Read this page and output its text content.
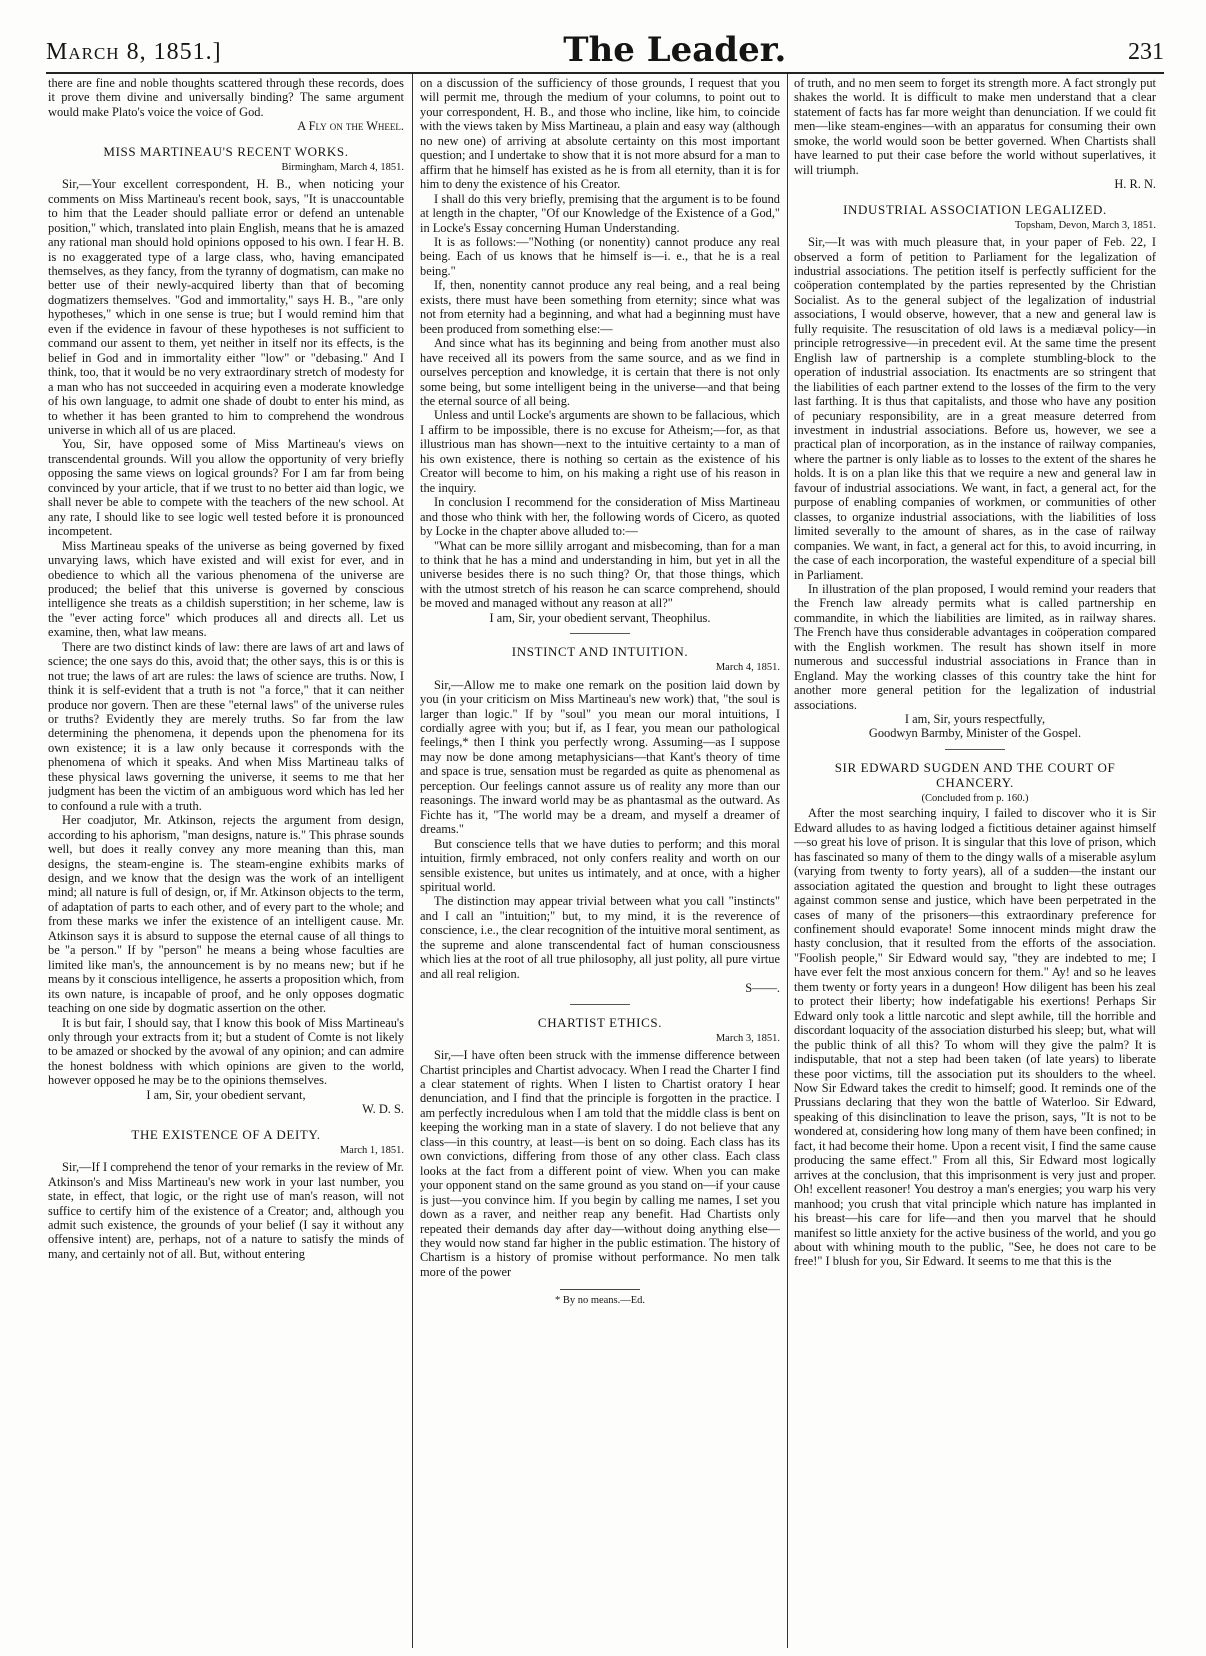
March 8, 1851.]	The Leader.	231

there are fine and noble thoughts scattered through these records, does it prove them divine and universally binding? The same argument would make Plato's voice the voice of God.

A Fly on the Wheel.

MISS MARTINEAU'S RECENT WORKS.

Birmingham, March 4, 1851.

Sir,—Your excellent correspondent, H. B., when noticing your comments on Miss Martineau's recent book, says, "It is unaccountable to him that the Leader should palliate error or defend an untenable position," which, translated into plain English, means that he is amazed any rational man should hold opinions opposed to his own. I fear H. B. is no exaggerated type of a large class, who, having emancipated themselves, as they fancy, from the tyranny of dogmatism, can make no better use of their newly-acquired liberty than that of becoming dogmatizers themselves. "God and immortality," says H. B., "are only hypotheses," which in one sense is true; but I would remind him that even if the evidence in favour of these hypotheses is not sufficient to command our assent to them, yet neither in itself nor its effects, is the belief in God and in immortality either "low" or "debasing." And I think, too, that it would be no very extraordinary stretch of modesty for a man who has not succeeded in acquiring even a moderate knowledge of his own language, to admit one shade of doubt to enter his mind, as to whether it has been granted to him to comprehend the wondrous universe in which all of us are placed.

You, Sir, have opposed some of Miss Martineau's views on transcendental grounds. Will you allow the opportunity of very briefly opposing the same views on logical grounds? For I am far from being convinced by your article, that if we trust to no better aid than logic, we shall never be able to compete with the teachers of the new school. At any rate, I should like to see logic well tested before it is pronounced incompetent.

Miss Martineau speaks of the universe as being governed by fixed unvarying laws, which have existed and will exist for ever, and in obedience to which all the various phenomena of the universe are produced; the belief that this universe is governed by conscious intelligence she treats as a childish superstition; in her scheme, law is the "ever acting force" which produces all and directs all. Let us examine, then, what law means.

There are two distinct kinds of law: there are laws of art and laws of science; the one says do this, avoid that; the other says, this is or this is not true; the laws of art are rules: the laws of science are truths. Now, I think it is self-evident that a truth is not "a force," that it can neither produce nor govern. Then are these "eternal laws" of the universe rules or truths? Evidently they are merely truths. So far from the law determining the phenomena, it depends upon the phenomena for its own existence; it is a law only because it corresponds with the phenomena of which it speaks. And when Miss Martineau talks of these physical laws governing the universe, it seems to me that her judgment has been the victim of an ambiguous word which has led her to confound a rule with a truth.

Her coadjutor, Mr. Atkinson, rejects the argument from design, according to his aphorism, "man designs, nature is." This phrase sounds well, but does it really convey any more meaning than this, man designs, the steam-engine is. The steam-engine exhibits marks of design, and we know that the design was the work of an intelligent mind; all nature is full of design, or, if Mr. Atkinson objects to the term, of adaptation of parts to each other, and of every part to the whole; and from these marks we infer the existence of an intelligent cause. Mr. Atkinson says it is absurd to suppose the eternal cause of all things to be "a person." If by "person" he means a being whose faculties are limited like man's, the announcement is by no means new; but if he means by it conscious intelligence, he asserts a proposition which, from its own nature, is incapable of proof, and he only opposes dogmatic teaching on one side by dogmatic assertion on the other.

It is but fair, I should say, that I know this book of Miss Martineau's only through your extracts from it; but a student of Comte is not likely to be amazed or shocked by the avowal of any opinion; and can admire the honest boldness with which opinions are given to the world, however opposed he may be to the opinions themselves.

I am, Sir, your obedient servant,

W. D. S.

THE EXISTENCE OF A DEITY.

March 1, 1851.

Sir,—If I comprehend the tenor of your remarks in the review of Mr. Atkinson's and Miss Martineau's new work in your last number, you state, in effect, that logic, or the right use of man's reason, will not suffice to certify him of the existence of a Creator; and, although you admit such existence, the grounds of your belief (I say it without any offensive intent) are, perhaps, not of a nature to satisfy the minds of many, and certainly not of all. But, without entering

on a discussion of the sufficiency of those grounds, I request that you will permit me, through the medium of your columns, to point out to your correspondent, H. B., and those who incline, like him, to coincide with the views taken by Miss Martineau, a plain and easy way (although no new one) of arriving at absolute certainty on this most important question; and I undertake to show that it is not more absurd for a man to affirm that he himself has existed as he is from all eternity, than it is for him to deny the existence of his Creator.

I shall do this very briefly, premising that the argument is to be found at length in the chapter, "Of our Knowledge of the Existence of a God," in Locke's Essay concerning Human Understanding.

It is as follows:—"Nothing (or nonentity) cannot produce any real being. Each of us knows that he himself is—i. e., that he is a real being."

If, then, nonentity cannot produce any real being, and a real being exists, there must have been something from eternity; since what was not from eternity had a beginning, and what had a beginning must have been produced from something else:—

And since what has its beginning and being from another must also have received all its powers from the same source, and as we find in ourselves perception and knowledge, it is certain that there is not only some being, but some intelligent being in the universe—and that being the eternal source of all being.

Unless and until Locke's arguments are shown to be fallacious, which I affirm to be impossible, there is no excuse for Atheism;—for, as that illustrious man has shown—next to the intuitive certainty to a man of his own existence, there is nothing so certain as the existence of his Creator will become to him, on his making a right use of his reason in the inquiry.

In conclusion I recommend for the consideration of Miss Martineau and those who think with her, the following words of Cicero, as quoted by Locke in the chapter above alluded to:—

"What can be more sillily arrogant and misbecoming, than for a man to think that he has a mind and understanding in him, but yet in all the universe besides there is no such thing? Or, that those things, which with the utmost stretch of his reason he can scarce comprehend, should be moved and managed without any reason at all?"

I am, Sir, your obedient servant, Theophilus.

INSTINCT AND INTUITION.

March 4, 1851.

Sir,—Allow me to make one remark on the position laid down by you (in your criticism on Miss Martineau's new work) that, "the soul is larger than logic." If by "soul" you mean our moral intuitions, I cordially agree with you; but if, as I fear, you mean our pathological feelings,* then I think you perfectly wrong. Assuming—as I suppose may now be done among metaphysicians—that Kant's theory of time and space is true, sensation must be regarded as quite as phenomenal as perception. Our feelings cannot assure us of reality any more than our reasonings. The inward world may be as phantasmal as the outward. As Fichte has it, "The world may be a dream, and myself a dreamer of dreams."

But conscience tells that we have duties to perform; and this moral intuition, firmly embraced, not only confers reality and worth on our sensible existence, but unites us intimately, and at once, with a higher spiritual world.

The distinction may appear trivial between what you call "instincts" and I call an "intuition;" but, to my mind, it is the reverence of conscience, i.e., the clear recognition of the intuitive moral sentiment, as the supreme and alone transcendental fact of human consciousness which lies at the root of all true philosophy, all just polity, all pure virtue and all real religion.

S——.

CHARTIST ETHICS.

March 3, 1851.

Sir,—I have often been struck with the immense difference between Chartist principles and Chartist advocacy. When I read the Charter I find a clear statement of rights. When I listen to Chartist oratory I hear denunciation, and I find that the principle is forgotten in the practice. I am perfectly incredulous when I am told that the middle class is bent on keeping the working man in a state of slavery. I do not believe that any class—in this country, at least—is bent on so doing. Each class has its own convictions, differing from those of any other class. Each class looks at the fact from a different point of view. When you can make your opponent stand on the same ground as you stand on—if your cause is just—you convince him. If you begin by calling me names, I set you down as a raver, and neither reap any benefit. Had Chartists only repeated their demands day after day—without doing anything else—they would now stand far higher in the public estimation. The history of Chartism is a history of promise without performance. No men talk more of the power

* By no means.—Ed.

of truth, and no men seem to forget its strength more. A fact strongly put shakes the world. It is difficult to make men understand that a clear statement of facts has far more weight than denunciation. If we could fit men—like steam-engines—with an apparatus for consuming their own smoke, the world would soon be better governed. When Chartists shall have learned to put their case before the world without superlatives, it will triumph.

H. R. N.

INDUSTRIAL ASSOCIATION LEGALIZED.

Topsham, Devon, March 3, 1851.

Sir,—It was with much pleasure that, in your paper of Feb. 22, I observed a form of petition to Parliament for the legalization of industrial associations. The petition itself is perfectly sufficient for the coöperation contemplated by the parties represented by the Christian Socialist. As to the general subject of the legalization of industrial associations, I would observe, however, that a new and general law is fully requisite. The resuscitation of old laws is a mediæval policy—in principle retrogressive—in precedent evil. At the same time the present English law of partnership is a complete stumbling-block to the operation of industrial association. Its enactments are so stringent that the liabilities of each partner extend to the losses of the firm to the very last farthing. It is thus that capitalists, and those who have any position of pecuniary responsibility, are in a great measure deterred from investment in industrial associations. Before us, however, we see a practical plan of incorporation, as in the instance of railway companies, where the partner is only liable as to losses to the extent of the shares he holds. It is on a plan like this that we require a new and general law in favour of industrial associations. We want, in fact, a general act, for the purpose of enabling companies of workmen, or communities of other classes, to organize industrial associations, with the liabilities of loss limited severally to the amount of shares, as in the case of railway companies. We want, in fact, a general act for this, to avoid incurring, in the case of each incorporation, the wasteful expenditure of a special bill in Parliament.

In illustration of the plan proposed, I would remind your readers that the French law already permits what is called partnership en commandite, in which the liabilities are limited, as in railway shares. The French have thus considerable advantages in coöperation compared with the English workmen. The result has shown itself in more numerous and successful industrial associations in France than in England. May the working classes of this country take the hint for another more general petition for the legalization of industrial associations.

I am, Sir, yours respectfully,

Goodwyn Barmby, Minister of the Gospel.

SIR EDWARD SUGDEN AND THE COURT OF CHANCERY.

(Concluded from p. 160.)

After the most searching inquiry, I failed to discover who it is Sir Edward alludes to as having lodged a fictitious detainer against himself—so great his love of prison. It is singular that this love of prison, which has fascinated so many of them to the dingy walls of a miserable asylum (varying from twenty to forty years), all of a sudden—the instant our association agitated the question and brought to light these outrages against common sense and justice, which have been perpetrated in the cases of many of the prisoners—this extraordinary preference for confinement should evaporate! Some innocent minds might draw the hasty conclusion, that it resulted from the efforts of the association. "Foolish people," Sir Edward would say, "they are indebted to me; I have ever felt the most anxious concern for them." Ay! and so he leaves them twenty or forty years in a dungeon! How diligent has been his zeal to protect their liberty; how indefatigable his exertions! Perhaps Sir Edward only took a little narcotic and slept awhile, till the horrible and discordant loquacity of the association disturbed his sleep; but, what will the public think of all this? To whom will they give the palm? It is indisputable, that not a step had been taken (of late years) to liberate these poor victims, till the association put its shoulders to the wheel. Now Sir Edward takes the credit to himself; good. It reminds one of the Prussians declaring that they won the battle of Waterloo. Sir Edward, speaking of this disinclination to leave the prison, says, "It is not to be wondered at, considering how long many of them have been confined; in fact, it had become their home. Upon a recent visit, I find the same cause producing the same effect." From all this, Sir Edward most logically arrives at the conclusion, that this imprisonment is very just and proper. Oh! excellent reasoner! You destroy a man's energies; you warp his very manhood; you crush that vital principle which nature has implanted in his breast—his care for life—and then you marvel that he should manifest so little anxiety for the active business of the world, and you go about with whining mouth to the public, "See, he does not care to be free!" I blush for you, Sir Edward. It seems to me that this is the
